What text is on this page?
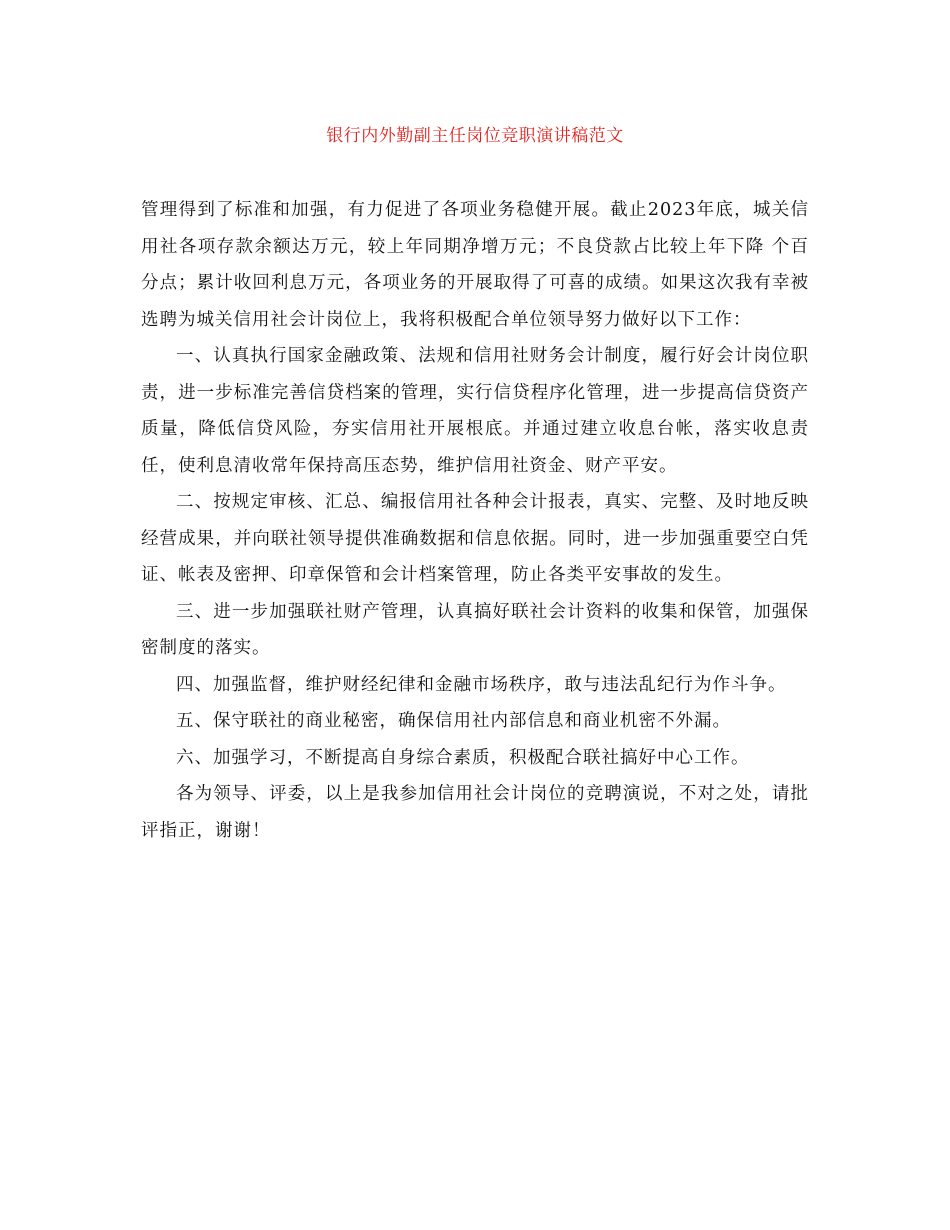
银行内外勤副主任岗位竞职演讲稿范文

管理得到了标准和加强，有力促进了各项业务稳健开展。截止2023年底，城关信用社各项存款余额达万元，较上年同期净增万元；不良贷款占比较上年下降 个百分点；累计收回利息万元，各项业务的开展取得了可喜的成绩。如果这次我有幸被选聘为城关信用社会计岗位上，我将积极配合单位领导努力做好以下工作：

一、认真执行国家金融政策、法规和信用社财务会计制度，履行好会计岗位职责，进一步标准完善信贷档案的管理，实行信贷程序化管理，进一步提高信贷资产质量，降低信贷风险，夯实信用社开展根底。并通过建立收息台帐，落实收息责任，使利息清收常年保持高压态势，维护信用社资金、财产平安。

二、按规定审核、汇总、编报信用社各种会计报表，真实、完整、及时地反映经营成果，并向联社领导提供准确数据和信息依据。同时，进一步加强重要空白凭证、帐表及密押、印章保管和会计档案管理，防止各类平安事故的发生。

三、进一步加强联社财产管理，认真搞好联社会计资料的收集和保管，加强保密制度的落实。

四、加强监督，维护财经纪律和金融市场秩序，敢与违法乱纪行为作斗争。

五、保守联社的商业秘密，确保信用社内部信息和商业机密不外漏。

六、加强学习，不断提高自身综合素质，积极配合联社搞好中心工作。

各为领导、评委，以上是我参加信用社会计岗位的竞聘演说，不对之处，请批评指正，谢谢！
